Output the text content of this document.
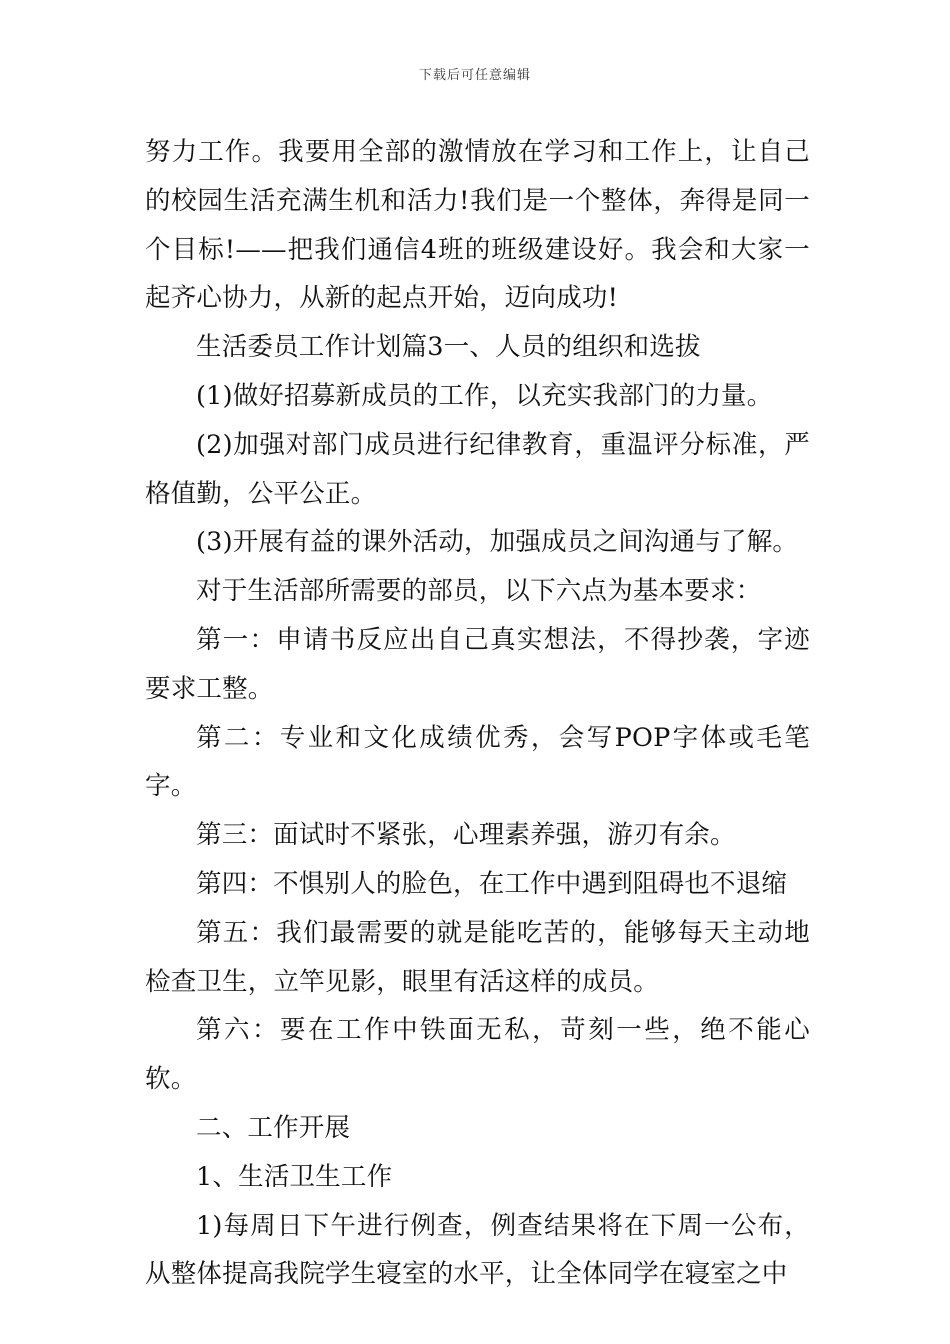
下载后可任意编辑

努力工作。我要用全部的激情放在学习和工作上，让自己的校园生活充满生机和活力!我们是一个整体，奔得是同一个目标!——把我们通信4班的班级建设好。我会和大家一起齐心协力，从新的起点开始，迈向成功!

生活委员工作计划篇3一、人员的组织和选拔

(1)做好招募新成员的工作，以充实我部门的力量。

(2)加强对部门成员进行纪律教育，重温评分标准，严格值勤，公平公正。

(3)开展有益的课外活动，加强成员之间沟通与了解。

对于生活部所需要的部员，以下六点为基本要求：

第一：申请书反应出自己真实想法，不得抄袭，字迹要求工整。

第二：专业和文化成绩优秀，会写POP字体或毛笔字。

第三：面试时不紧张，心理素养强，游刃有余。

第四：不惧别人的脸色，在工作中遇到阻碍也不退缩

第五：我们最需要的就是能吃苦的，能够每天主动地检查卫生，立竿见影，眼里有活这样的成员。

第六：要在工作中铁面无私，苛刻一些，绝不能心软。

二、工作开展

1、生活卫生工作

1)每周日下午进行例查，例查结果将在下周一公布，从整体提高我院学生寝室的水平，让全体同学在寝室之中
